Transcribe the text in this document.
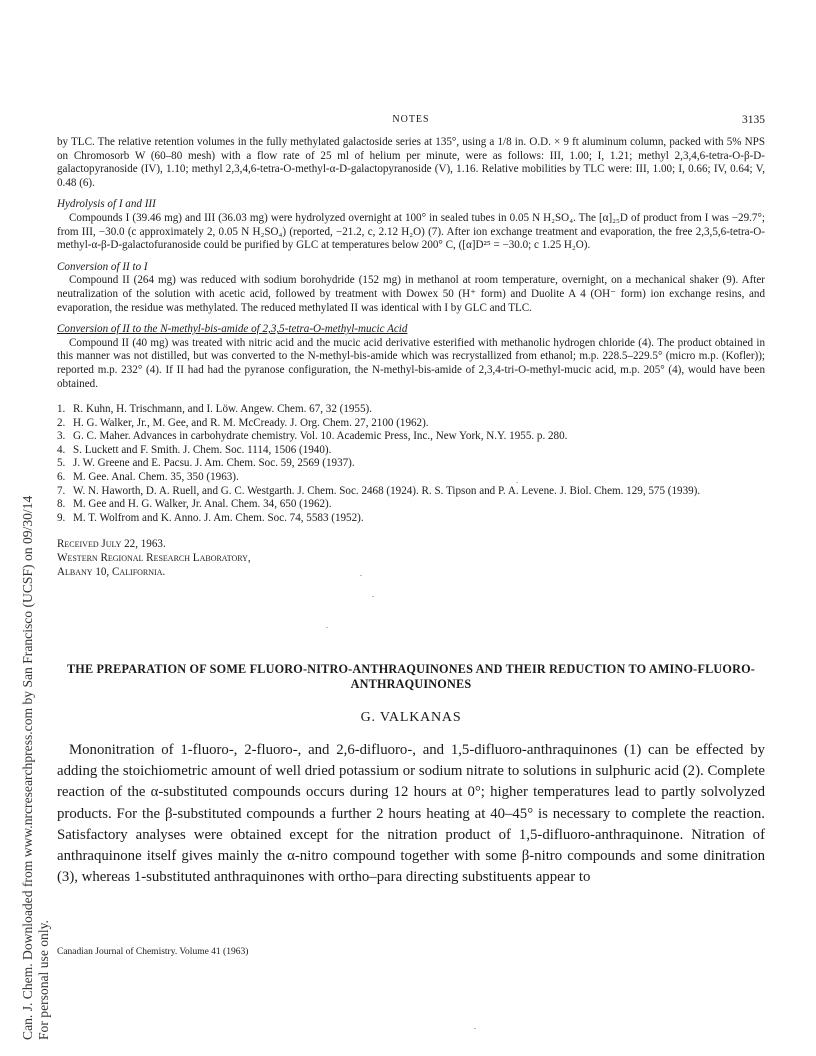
Can. J. Chem. Downloaded from www.nrcresearchpress.com by San Francisco (UCSF) on 09/30/14
For personal use only.
NOTES	3135

by TLC. The relative retention volumes in the fully methylated galactoside series at 135°, using a 1/8 in. O.D. × 9 ft aluminum column, packed with 5% NPS on Chromosorb W (60–80 mesh) with a flow rate of 25 ml of helium per minute, were as follows: III, 1.00; I, 1.21; methyl 2,3,4,6-tetra-O-β-D-galactopyranoside (IV), 1.10; methyl 2,3,4,6-tetra-O-methyl-α-D-galactopyranoside (V), 1.16. Relative mobilities by TLC were: III, 1.00; I, 0.66; IV, 0.64; V, 0.48 (6).

Hydrolysis of I and III

Compounds I (39.46 mg) and III (36.03 mg) were hydrolyzed overnight at 100° in sealed tubes in 0.05 N H₂SO₄. The [α]₂₅D of product from I was −29.7°; from III, −30.0 (c approximately 2, 0.05 N H₂SO₄) (reported, −21.2, c, 2.12 H₂O) (7). After ion exchange treatment and evaporation, the free 2,3,5,6-tetra-O-methyl-α-β-D-galactofuranoside could be purified by GLC at temperatures below 200° C, ([α]D²⁵ = −30.0; c 1.25 H₂O).

Conversion of II to I

Compound II (264 mg) was reduced with sodium borohydride (152 mg) in methanol at room temperature, overnight, on a mechanical shaker (9). After neutralization of the solution with acetic acid, followed by treatment with Dowex 50 (H⁺ form) and Duolite A 4 (OH⁻ form) ion exchange resins, and evaporation, the residue was methylated. The reduced methylated II was identical with I by GLC and TLC.

Conversion of II to the N-methyl-bis-amide of 2,3,5-tetra-O-methyl-mucic Acid

Compound II (40 mg) was treated with nitric acid and the mucic acid derivative esterified with methanolic hydrogen chloride (4). The product obtained in this manner was not distilled, but was converted to the N-methyl-bis-amide which was recrystallized from ethanol; m.p. 228.5–229.5° (micro m.p. (Kofler)); reported m.p. 232° (4). If II had had the pyranose configuration, the N-methyl-bis-amide of 2,3,4-tri-O-methyl-mucic acid, m.p. 205° (4), would have been obtained.

1. R. Kuhn, H. Trischmann, and I. Löw. Angew. Chem. 67, 32 (1955).
2. H. G. Walker, Jr., M. Gee, and R. M. McCready. J. Org. Chem. 27, 2100 (1962).
3. G. C. Maher. Advances in carbohydrate chemistry. Vol. 10. Academic Press, Inc., New York, N.Y. 1955. p. 280.
4. S. Luckett and F. Smith. J. Chem. Soc. 1114, 1506 (1940).
5. J. W. Greene and E. Pacsu. J. Am. Chem. Soc. 59, 2569 (1937).
6. M. Gee. Anal. Chem. 35, 350 (1963).
7. W. N. Haworth, D. A. Ruell, and G. C. Westgarth. J. Chem. Soc. 2468 (1924). R. S. Tipson and P. A. Levene. J. Biol. Chem. 129, 575 (1939).
8. M. Gee and H. G. Walker, Jr. Anal. Chem. 34, 650 (1962).
9. M. T. Wolfrom and K. Anno. J. Am. Chem. Soc. 74, 5583 (1952).
Received July 22, 1963.
Western Regional Research Laboratory,
Albany 10, California.
THE PREPARATION OF SOME FLUORO-NITRO-ANTHRAQUINONES AND THEIR REDUCTION TO AMINO-FLUORO-ANTHRAQUINONES
G. VALKANAS

Mononitration of 1-fluoro-, 2-fluoro-, and 2,6-difluoro-, and 1,5-difluoro-anthraquinones (1) can be effected by adding the stoichiometric amount of well dried potassium or sodium nitrate to solutions in sulphuric acid (2). Complete reaction of the α-substituted compounds occurs during 12 hours at 0°; higher temperatures lead to partly solvolyzed products. For the β-substituted compounds a further 2 hours heating at 40–45° is necessary to complete the reaction. Satisfactory analyses were obtained except for the nitration product of 1,5-difluoro-anthraquinone. Nitration of anthraquinone itself gives mainly the α-nitro compound together with some β-nitro compounds and some dinitration (3), whereas 1-substituted anthraquinones with ortho–para directing substituents appear to

Canadian Journal of Chemistry. Volume 41 (1963)
